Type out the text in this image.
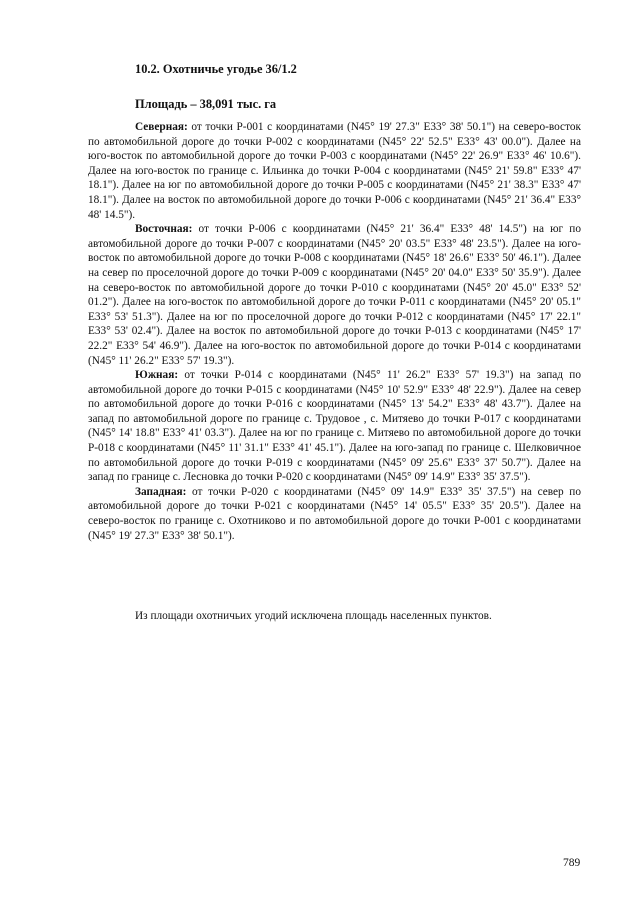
10.2. Охотничье угодье 36/1.2
Площадь – 38,091 тыс. га

Северная: от точки Р-001 с координатами (N45° 19' 27.3" E33° 38' 50.1") на северо-восток по автомобильной дороге до точки Р-002 с координатами (N45° 22' 52.5" E33° 43' 00.0"). Далее на юго-восток по автомобильной дороге до точки Р-003 с координатами (N45° 22' 26.9" E33° 46' 10.6"). Далее на юго-восток по границе с. Ильинка до точки Р-004 с координатами (N45° 21' 59.8" E33° 47' 18.1"). Далее на юг по автомобильной дороге до точки Р-005 с координатами (N45° 21' 38.3" E33° 47' 18.1"). Далее на восток по автомобильной дороге до точки Р-006 с координатами (N45° 21' 36.4" E33° 48' 14.5").

Восточная: от точки Р-006 с координатами (N45° 21' 36.4" E33° 48' 14.5") на юг по автомобильной дороге до точки Р-007 с координатами (N45° 20' 03.5" E33° 48' 23.5"). Далее на юго-восток по автомобильной дороге до точки Р-008 с координатами (N45° 18' 26.6" E33° 50' 46.1"). Далее на север по проселочной дороге до точки Р-009 с координатами (N45° 20' 04.0" E33° 50' 35.9"). Далее на северо-восток по автомобильной дороге до точки Р-010 с координатами (N45° 20' 45.0" E33° 52' 01.2"). Далее на юго-восток по автомобильной дороге до точки Р-011 с координатами (N45° 20' 05.1" E33° 53' 51.3"). Далее на юг по проселочной дороге до точки Р-012 с координатами (N45° 17' 22.1" E33° 53' 02.4"). Далее на восток по автомобильной дороге до точки Р-013 с координатами (N45° 17' 22.2" E33° 54' 46.9"). Далее на юго-восток по автомобильной дороге до точки Р-014 с координатами (N45° 11' 26.2" E33° 57' 19.3").

Южная: от точки Р-014 с координатами (N45° 11' 26.2" E33° 57' 19.3") на запад по автомобильной дороге до точки Р-015 с координатами (N45° 10' 52.9" E33° 48' 22.9"). Далее на север по автомобильной дороге до точки Р-016 с координатами (N45° 13' 54.2" E33° 48' 43.7"). Далее на запад по автомобильной дороге по границе с. Трудовое , с. Митяево до точки Р-017 с координатами (N45° 14' 18.8" E33° 41' 03.3"). Далее на юг по границе с. Митяево по автомобильной дороге до точки Р-018 с координатами (N45° 11' 31.1" E33° 41' 45.1"). Далее на юго-запад по границе с. Шелковичное по автомобильной дороге до точки Р-019 с координатами (N45° 09' 25.6" E33° 37' 50.7"). Далее на запад по границе с. Лесновка до точки Р-020 с координатами (N45° 09' 14.9" E33° 35' 37.5").

Западная: от точки Р-020 с координатами (N45° 09' 14.9" E33° 35' 37.5") на север по автомобильной дороге до точки Р-021 с координатами (N45° 14' 05.5" E33° 35' 20.5"). Далее на северо-восток по границе с. Охотниково и по автомобильной дороге до точки Р-001 с координатами (N45° 19' 27.3" E33° 38' 50.1").

Из площади охотничьих угодий исключена площадь населенных пунктов.
789
